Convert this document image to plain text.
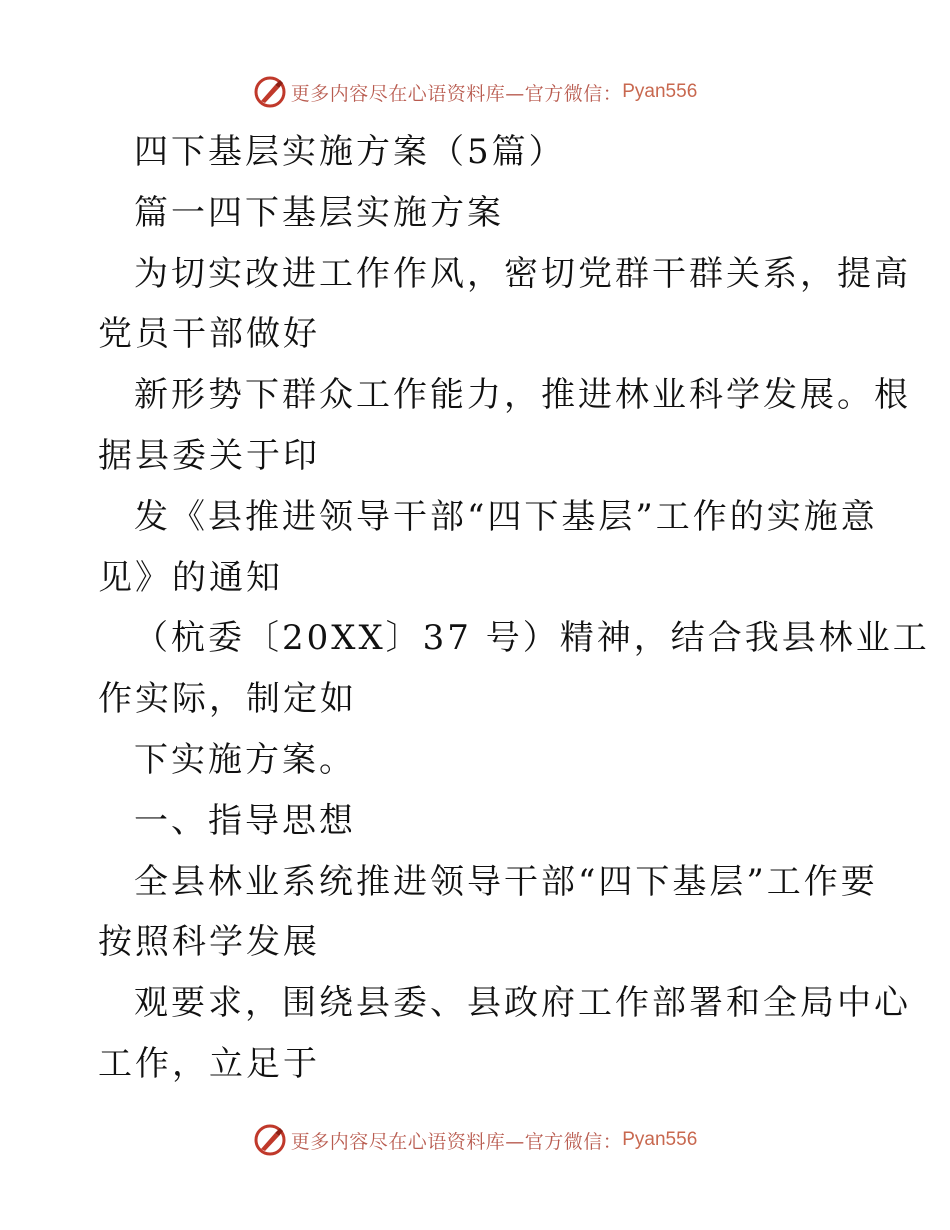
更多内容尽在心语资料库—官方微信： Pyan556
四下基层实施方案（5篇）
篇一四下基层实施方案
为切实改进工作作风，密切党群干群关系，提高
党员干部做好
新形势下群众工作能力，推进林业科学发展。根
据县委关于印
发《县推进领导干部“四下基层”工作的实施意
见》的通知
（杭委〔20XX〕37 号）精神，结合我县林业工
作实际，制定如
下实施方案。
一、指导思想
全县林业系统推进领导干部“四下基层”工作要
按照科学发展
观要求，围绕县委、县政府工作部署和全局中心
工作，立足于
更多内容尽在心语资料库—官方微信： Pyan556
